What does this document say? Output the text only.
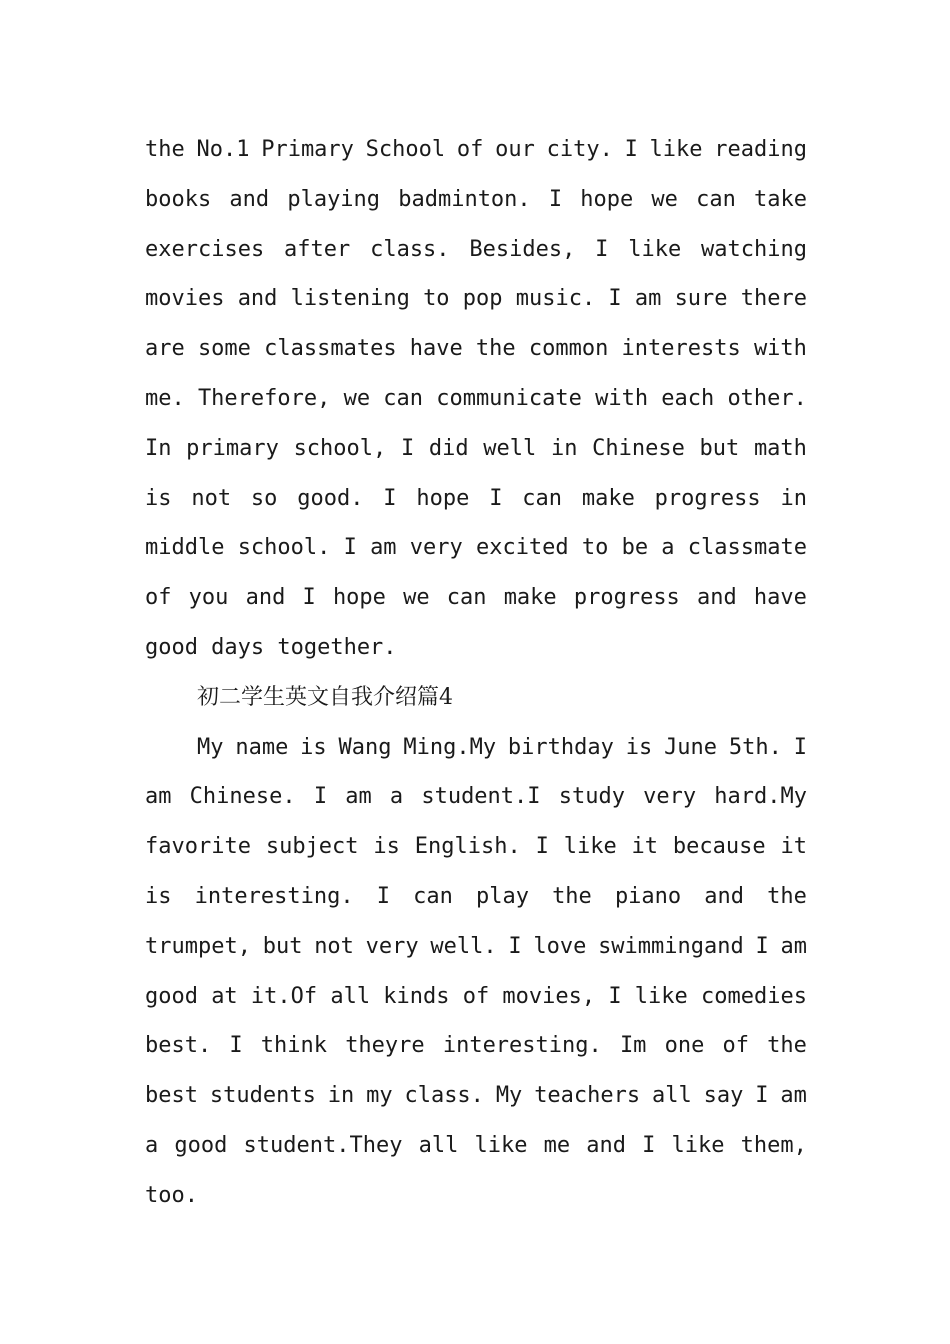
the No.1 Primary School of our city. I like reading
books and playing badminton. I hope we can take
exercises after class. Besides, I like watching
movies and listening to pop music. I am sure there
are some classmates have the common interests with
me. Therefore, we can communicate with each other.
In primary school, I did well in Chinese but math
is not so good. I hope I can make progress in
middle school. I am very excited to be a classmate
of you and I hope we can make progress and have
good days together.
初二学生英文自我介绍篇4
My name is Wang Ming.My birthday is June 5th. I
am Chinese. I am a student.I study very hard.My
favorite subject is English. I like it because it
is interesting. I can play the piano and the
trumpet, but not very well. I love swimmingand I am
good at it.Of all kinds of movies, I like comedies
best. I think theyre interesting. Im one of the
best students in my class. My teachers all say I am
a good student.They all like me and I like them,
too.
